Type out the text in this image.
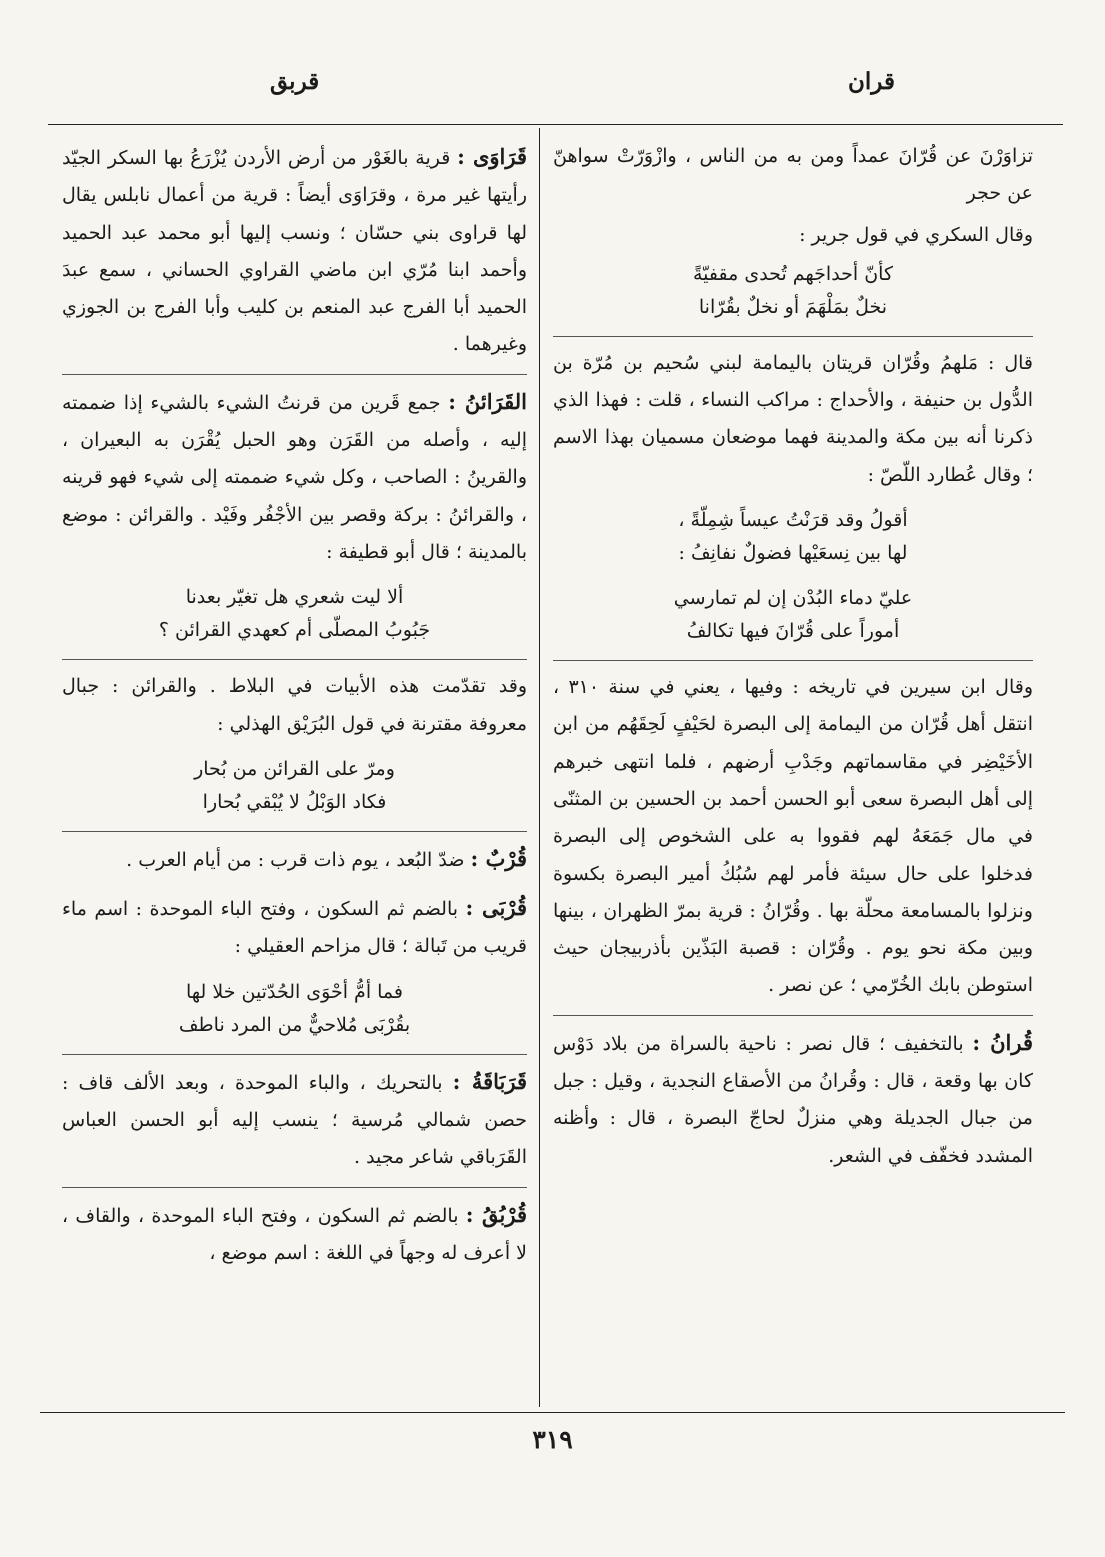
قران
قربق

تزاوَرْنَ عن قُرّانَ عمداً ومن به من الناس ، وازْوَرّتْ سواهنّ عن حجر

وقال السكري في قول جرير :

كأنّ أحداجَهم تُحدى مقفيّةً
نخلٌ بمَلْهَمَ أو نخلٌ بقُرّانا

قال : مَلهمُ وقُرّان قريتان باليمامة لبني سُحيم بن مُرّة بن الدُّول بن حنيفة ، والأحداج : مراكب النساء ، قلت : فهذا الذي ذكرنا أنه بين مكة والمدينة فهما موضعان مسميان بهذا الاسم ؛ وقال عُطارد اللّصّ :

أقولُ وقد قرَنْتُ عيساً شِمِلّةً ،
لها بين نِسعَيْها فضولٌ نفانِفُ :
عليّ دماء البُدْن إن لم تمارسي
أموراً على قُرّانَ فيها تكالفُ

وقال ابن سيرين في تاريخه : وفيها ، يعني في سنة ٣١٠ ، انتقل أهل قُرّان من اليمامة إلى البصرة لحَيْفٍ لَحِقَهُم من ابن الأخَيْضِر في مقاسماتهم وجَدْبِ أرضهم ، فلما انتهى خبرهم إلى أهل البصرة سعى أبو الحسن أحمد بن الحسين بن المثنّى في مال جَمَعَهُ لهم فقووا به على الشخوص إلى البصرة فدخلوا على حال سيئة فأمر لهم سُبُكُ أمير البصرة بكسوة ونزلوا بالمسامعة محلّة بها . وقُرّانُ : قرية بمرّ الظهران ، بينها وبين مكة نحو يوم . وقُرّان : قصبة البَذّين بأذربيجان حيث استوطن بابك الخُرّمي ؛ عن نصر .

قُرانُ : بالتخفيف ؛ قال نصر : ناحية بالسراة من بلاد دَوْس كان بها وقعة ، قال : وقُرانُ من الأصقاع النجدية ، وقيل : جبل من جبال الجديلة وهي منزلٌ لحاجّ البصرة ، قال : وأظنه المشدد فخفّف في الشعر.

قَرَاوَى : قرية بالغَوْر من أرض الأردن يُزْرَعُ بها السكر الجيّد رأيتها غير مرة ، وقرَاوَى أيضاً : قرية من أعمال نابلس يقال لها قراوى بني حسّان ؛ ونسب إليها أبو محمد عبد الحميد وأحمد ابنا مُرّي ابن ماضي القراوي الحساني ، سمع عبدَ الحميد أبا الفرج عبد المنعم بن كليب وأبا الفرج بن الجوزي وغيرهما .

القَرَائنُ : جمع قَرين من قرنتُ الشيء بالشيء إذا ضممته إليه ، وأصله من القَرَن وهو الحبل يُقْرَن به البعيران ، والقرينُ : الصاحب ، وكل شيء ضممته إلى شيء فهو قرينه ، والقرائنُ : بركة وقصر بين الأجْفُر وفَيْد . والقرائن : موضع بالمدينة ؛ قال أبو قطيفة :

ألا ليت شعري هل تغيّر بعدنا
جَبُوبُ المصلّى أم كعهدي القرائن ؟

وقد تقدّمت هذه الأبيات في البلاط . والقرائن : جبال معروفة مقترنة في قول البُرَيْق الهذلي :

ومرّ على القرائن من بُحار
فكاد الوَبْلُ لا يُبْقي بُحارا

قُرْبٌ : ضدّ البُعد ، يوم ذات قرب : من أيام العرب .

قُرْبَى : بالضم ثم السكون ، وفتح الباء الموحدة : اسم ماء قريب من تَبالة ؛ قال مزاحم العقيلي :

فما أمُّ أحْوَى الحُدّتين خلا لها
بقُرْبَى مُلاحيٌّ من المرد ناطف

قَرَبَاقَةُ : بالتحريك ، والباء الموحدة ، وبعد الألف قاف : حصن شمالي مُرسية ؛ ينسب إليه أبو الحسن العباس القَرَباقي شاعر مجيد .

قُرْبُقُ : بالضم ثم السكون ، وفتح الباء الموحدة ، والقاف ، لا أعرف له وجهاً في اللغة : اسم موضع ،

٣١٩
